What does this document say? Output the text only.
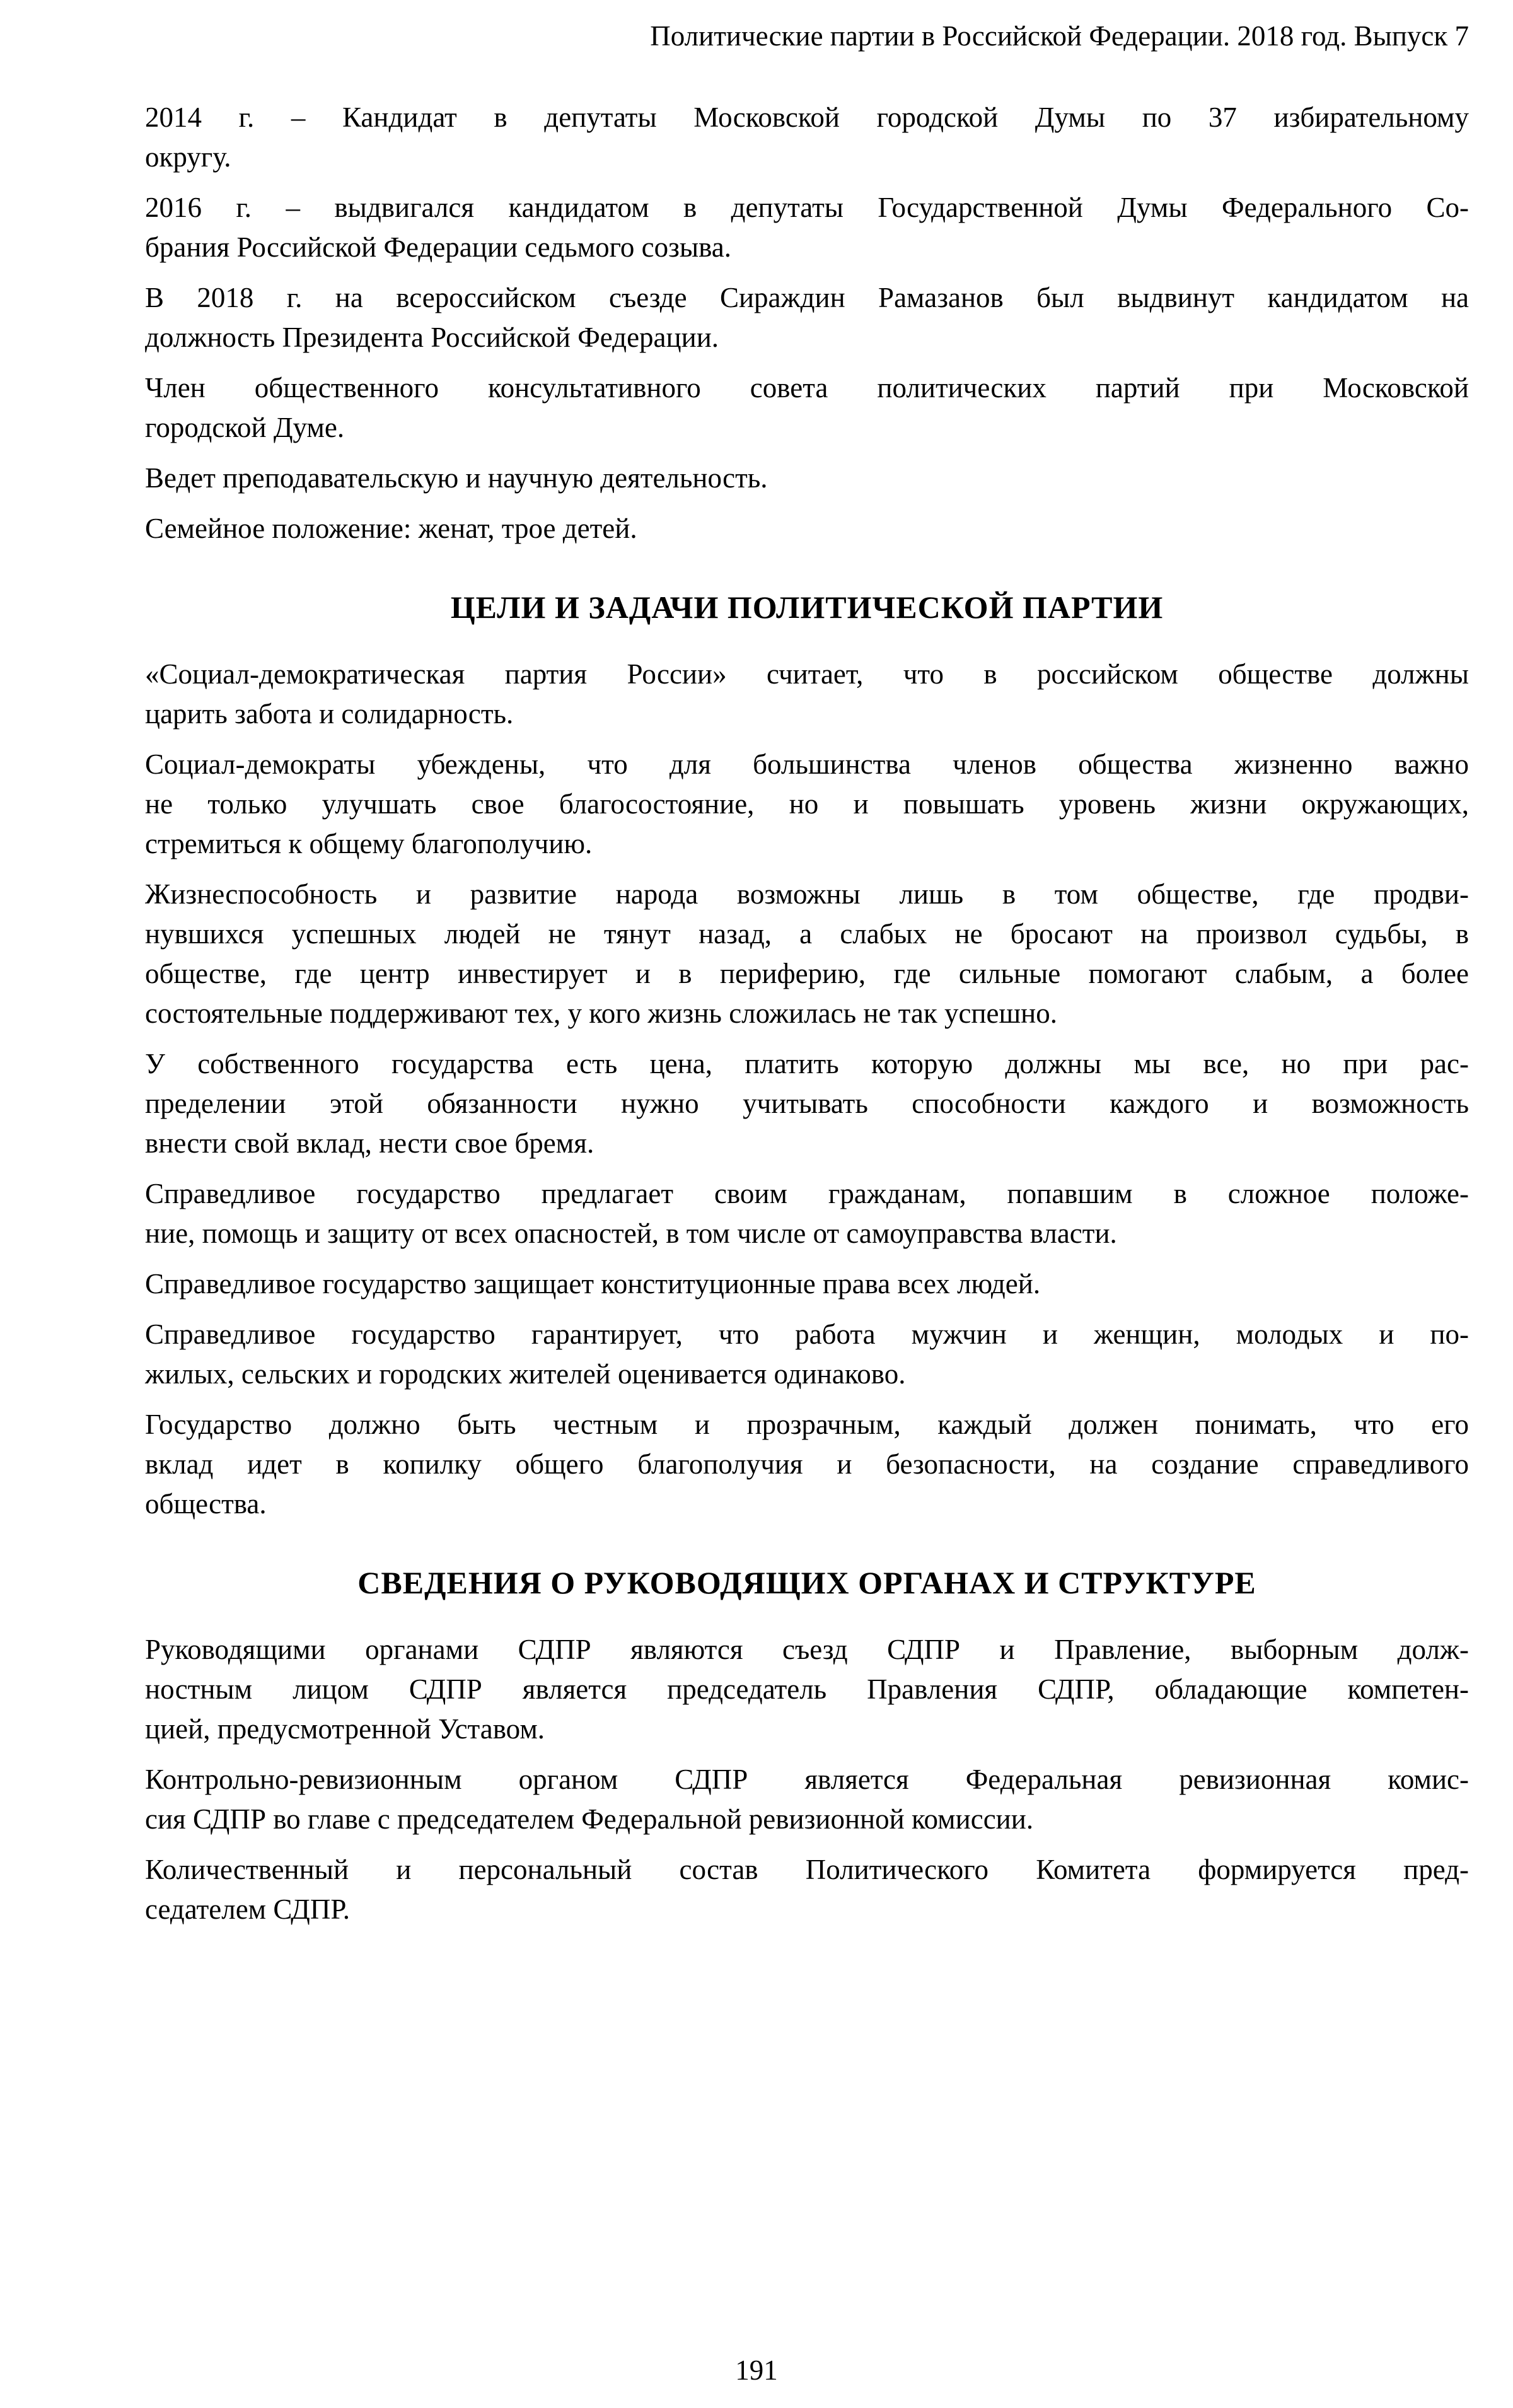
Политические партии в Российской Федерации. 2018 год. Выпуск 7
2014 г. – Кандидат в депутаты Московской городской Думы по 37 избирательному
округу.
2016 г. – выдвигался кандидатом в депутаты Государственной Думы Федерального Со-
брания Российской Федерации седьмого созыва.
В 2018 г. на всероссийском съезде Сираждин Рамазанов был выдвинут кандидатом на
должность Президента Российской Федерации.
Член общественного консультативного совета политических партий при Московской
городской Думе.
Ведет преподавательскую и научную деятельность.
Семейное положение: женат, трое детей.
ЦЕЛИ И ЗАДАЧИ ПОЛИТИЧЕСКОЙ ПАРТИИ
«Социал-демократическая партия России» считает, что в российском обществе должны
царить забота и солидарность.
Социал-демократы убеждены, что для большинства членов общества жизненно важно
не только улучшать свое благосостояние, но и повышать уровень жизни окружающих,
стремиться к общему благополучию.
Жизнеспособность и развитие народа возможны лишь в том обществе, где продви-
нувшихся успешных людей не тянут назад, а слабых не бросают на произвол судьбы, в
обществе, где центр инвестирует и в периферию, где сильные помогают слабым, а более
состоятельные поддерживают тех, у кого жизнь сложилась не так успешно.
У собственного государства есть цена, платить которую должны мы все, но при рас-
пределении этой обязанности нужно учитывать способности каждого и возможность
внести свой вклад, нести свое бремя.
Справедливое государство предлагает своим гражданам, попавшим в сложное положе-
ние, помощь и защиту от всех опасностей, в том числе от самоуправства власти.
Справедливое государство защищает конституционные права всех людей.
Справедливое государство гарантирует, что работа мужчин и женщин, молодых и по-
жилых, сельских и городских жителей оценивается одинаково.
Государство должно быть честным и прозрачным, каждый должен понимать, что его
вклад идет в копилку общего благополучия и безопасности, на создание справедливого
общества.
СВЕДЕНИЯ О РУКОВОДЯЩИХ ОРГАНАХ И СТРУКТУРЕ
Руководящими органами СДПР являются съезд СДПР и Правление, выборным долж-
ностным лицом СДПР является председатель Правления СДПР, обладающие компетен-
цией, предусмотренной Уставом.
Контрольно-ревизионным органом СДПР является Федеральная ревизионная комис-
сия СДПР во главе с председателем Федеральной ревизионной комиссии.
Количественный и персональный состав Политического Комитета формируется пред-
седателем СДПР.
191
